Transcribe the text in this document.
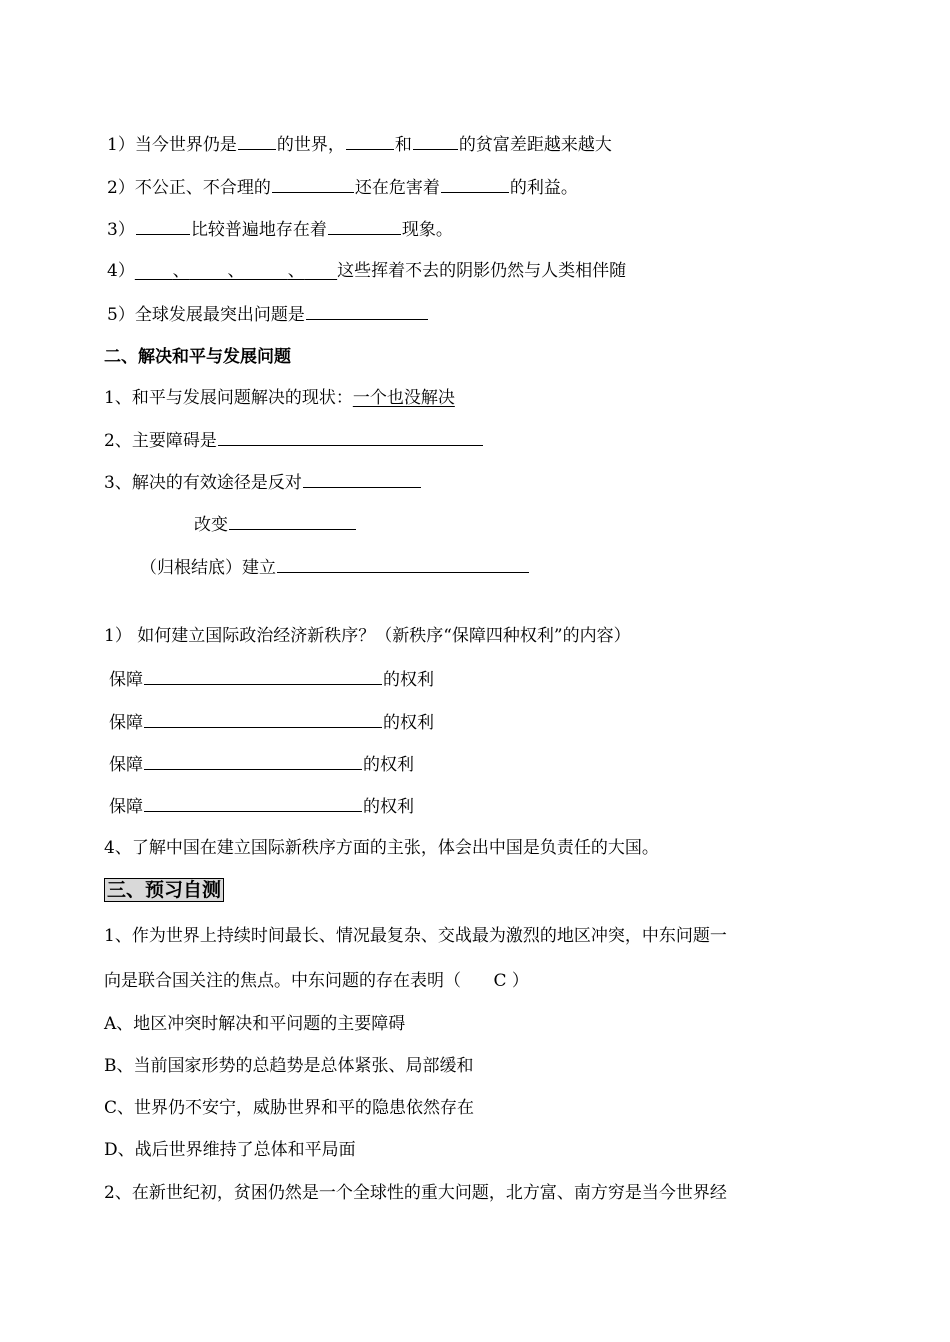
1）当今世界仍是 的世界，	和	的贫富差距越来越大
2）不公正、不合理的	还在危害着	的利益。
3）	比较普遍地存在着	现象。
4） 、 、	、 这些挥着不去的阴影仍然与人类相伴随
5）全球发展最突出问题是
二、解决和平与发展问题
1、和平与发展问题解决的现状：一个也没解决
2、主要障碍是
3、解决的有效途径是反对
改变
（归根结底）建立
1） 如何建立国际政治经济新秩序？（新秩序“保障四种权利”的内容）
保障	的权利
保障	的权利
保障	的权利
保障	的权利
4、了解中国在建立国际新秩序方面的主张，体会出中国是负责任的大国。
三、预习自测
1、作为世界上持续时间最长、情况最复杂、交战最为激烈的地区冲突，中东问题一
向是联合国关注的焦点。中东问题的存在表明（ C ）
A、地区冲突时解决和平问题的主要障碍
B、当前国家形势的总趋势是总体紧张、局部缓和
C、世界仍不安宁，威胁世界和平的隐患依然存在
D、战后世界维持了总体和平局面
2、在新世纪初，贫困仍然是一个全球性的重大问题，北方富、南方穷是当今世界经
